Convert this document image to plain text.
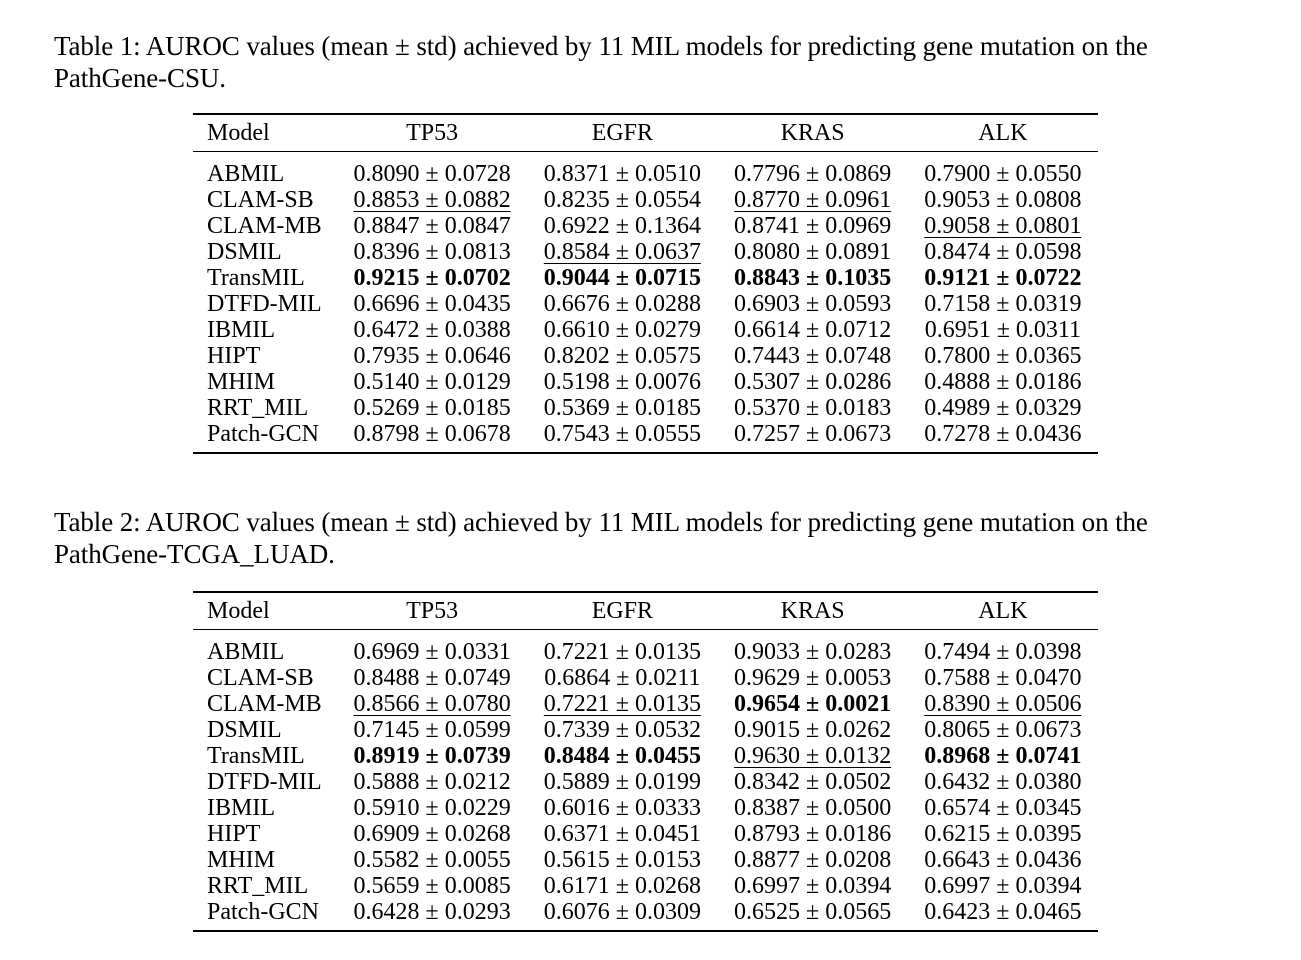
Table 1: AUROC values (mean ± std) achieved by 11 MIL models for predicting gene mutation on the PathGene-CSU.
Model	TP53	EGFR	KRAS	ALK
ABMIL	0.8090 ± 0.0728	0.8371 ± 0.0510	0.7796 ± 0.0869	0.7900 ± 0.0550
CLAM-SB	0.8853 ± 0.0882	0.8235 ± 0.0554	0.8770 ± 0.0961	0.9053 ± 0.0808
CLAM-MB	0.8847 ± 0.0847	0.6922 ± 0.1364	0.8741 ± 0.0969	0.9058 ± 0.0801
DSMIL	0.8396 ± 0.0813	0.8584 ± 0.0637	0.8080 ± 0.0891	0.8474 ± 0.0598
TransMIL	0.9215 ± 0.0702	0.9044 ± 0.0715	0.8843 ± 0.1035	0.9121 ± 0.0722
DTFD-MIL	0.6696 ± 0.0435	0.6676 ± 0.0288	0.6903 ± 0.0593	0.7158 ± 0.0319
IBMIL	0.6472 ± 0.0388	0.6610 ± 0.0279	0.6614 ± 0.0712	0.6951 ± 0.0311
HIPT	0.7935 ± 0.0646	0.8202 ± 0.0575	0.7443 ± 0.0748	0.7800 ± 0.0365
MHIM	0.5140 ± 0.0129	0.5198 ± 0.0076	0.5307 ± 0.0286	0.4888 ± 0.0186
RRT_MIL	0.5269 ± 0.0185	0.5369 ± 0.0185	0.5370 ± 0.0183	0.4989 ± 0.0329
Patch-GCN	0.8798 ± 0.0678	0.7543 ± 0.0555	0.7257 ± 0.0673	0.7278 ± 0.0436
Table 2: AUROC values (mean ± std) achieved by 11 MIL models for predicting gene mutation on the PathGene-TCGA_LUAD.
Model	TP53	EGFR	KRAS	ALK
ABMIL	0.6969 ± 0.0331	0.7221 ± 0.0135	0.9033 ± 0.0283	0.7494 ± 0.0398
CLAM-SB	0.8488 ± 0.0749	0.6864 ± 0.0211	0.9629 ± 0.0053	0.7588 ± 0.0470
CLAM-MB	0.8566 ± 0.0780	0.7221 ± 0.0135	0.9654 ± 0.0021	0.8390 ± 0.0506
DSMIL	0.7145 ± 0.0599	0.7339 ± 0.0532	0.9015 ± 0.0262	0.8065 ± 0.0673
TransMIL	0.8919 ± 0.0739	0.8484 ± 0.0455	0.9630 ± 0.0132	0.8968 ± 0.0741
DTFD-MIL	0.5888 ± 0.0212	0.5889 ± 0.0199	0.8342 ± 0.0502	0.6432 ± 0.0380
IBMIL	0.5910 ± 0.0229	0.6016 ± 0.0333	0.8387 ± 0.0500	0.6574 ± 0.0345
HIPT	0.6909 ± 0.0268	0.6371 ± 0.0451	0.8793 ± 0.0186	0.6215 ± 0.0395
MHIM	0.5582 ± 0.0055	0.5615 ± 0.0153	0.8877 ± 0.0208	0.6643 ± 0.0436
RRT_MIL	0.5659 ± 0.0085	0.6171 ± 0.0268	0.6997 ± 0.0394	0.6997 ± 0.0394
Patch-GCN	0.6428 ± 0.0293	0.6076 ± 0.0309	0.6525 ± 0.0565	0.6423 ± 0.0465
